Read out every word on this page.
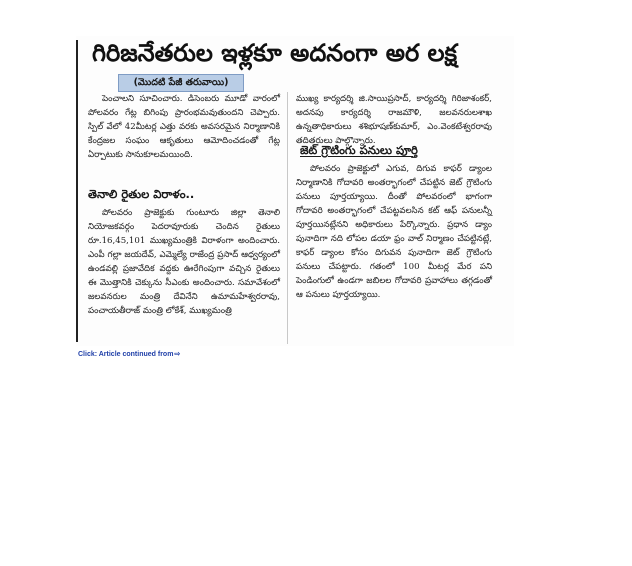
గిరిజనేతరుల ఇళ్లకూ అదనంగా అర లక్ష
(మొదటి పేజీ తరువాయి)

పెంచాలని సూచించారు. డిసెంబరు మూడో వారంలో పోలవరం గేట్ల బిగింపు ప్రారంభమవుతుందని చెప్పారు. స్పిల్ వేలో 42మీటర్ల ఎత్తు వరకు అవసరమైన నిర్మాణానికి కేంద్రజల సంఘం ఆకృతులు ఆమోదించడంతో గేట్ల ఏర్పాటుకు సానుకూలమయింది.

తెనాలి రైతుల విరాళం..

పోలవరం ప్రాజెక్టుకు గుంటూరు జిల్లా తెనాలి నియోజకవర్గం పెదరావూరుకు చెందిన రైతులు రూ.16,45,101 ముఖ్యమంత్రికి విరాళంగా అందించారు. ఎంపీ గల్లా జయదేవ్, ఎమ్మెల్యే రాజేంద్ర ప్రసాద్ ఆధ్వర్యంలో ఉండవల్లి ప్రజావేదిక వద్దకు ఊరేగింపుగా వచ్చిన రైతులు ఈ మొత్తానికి చెక్కును సీఎంకు అందించారు. సమావేశంలో జలవనరుల మంత్రి దేవినేని ఉమామహేశ్వరరావు, పంచాయతీరాజ్ మంత్రి లోకేశ్, ముఖ్యమంత్రి

ముఖ్య కార్యదర్శి జి.సాయిప్రసాద్, కార్యదర్శి గిరిజాశంకర్, అదనపు కార్యదర్శి రాజమౌళి, జలవనరులశాఖ ఉన్నతాధికారులు శశిభూషణ్‌కుమార్, ఎం.వెంకటేశ్వరరావు తదితరులు పాల్గొన్నారు.

జెట్ గ్రౌటింగు పనులు పూర్తి

పోలవరం ప్రాజెక్టులో ఎగువ, దిగువ కాఫర్ డ్యాంల నిర్మాణానికి గోదావరి అంతర్భాగంలో చేపట్టిన జెట్ గ్రౌటింగు పనులు పూర్తయ్యాయి. దీంతో పోలవరంలో భాగంగా గోదావరి అంతర్భాగంలో చేపట్టవలసిన కట్ ఆఫ్ పనులన్నీ పూర్తయినట్లేనని అధికారులు పేర్కొన్నారు. ప్రధాన డ్యాం పునాదిగా నది లోపల డయా ఫ్రం వాల్ నిర్మాణం చేపట్టినట్లే, కాఫర్ డ్యాంల కోసం దిగువన పునాదిగా జెట్ గ్రౌటింగు పనులు చేపట్టారు. గతంలో 100 మీటర్ల మేర పని పెండింగులో ఉండగా జబిలల గోదావరి ప్రవాహాలు తగ్గడంతో ఆ పనులు పూర్తయ్యాయి.

Click: Article continued from⇨
